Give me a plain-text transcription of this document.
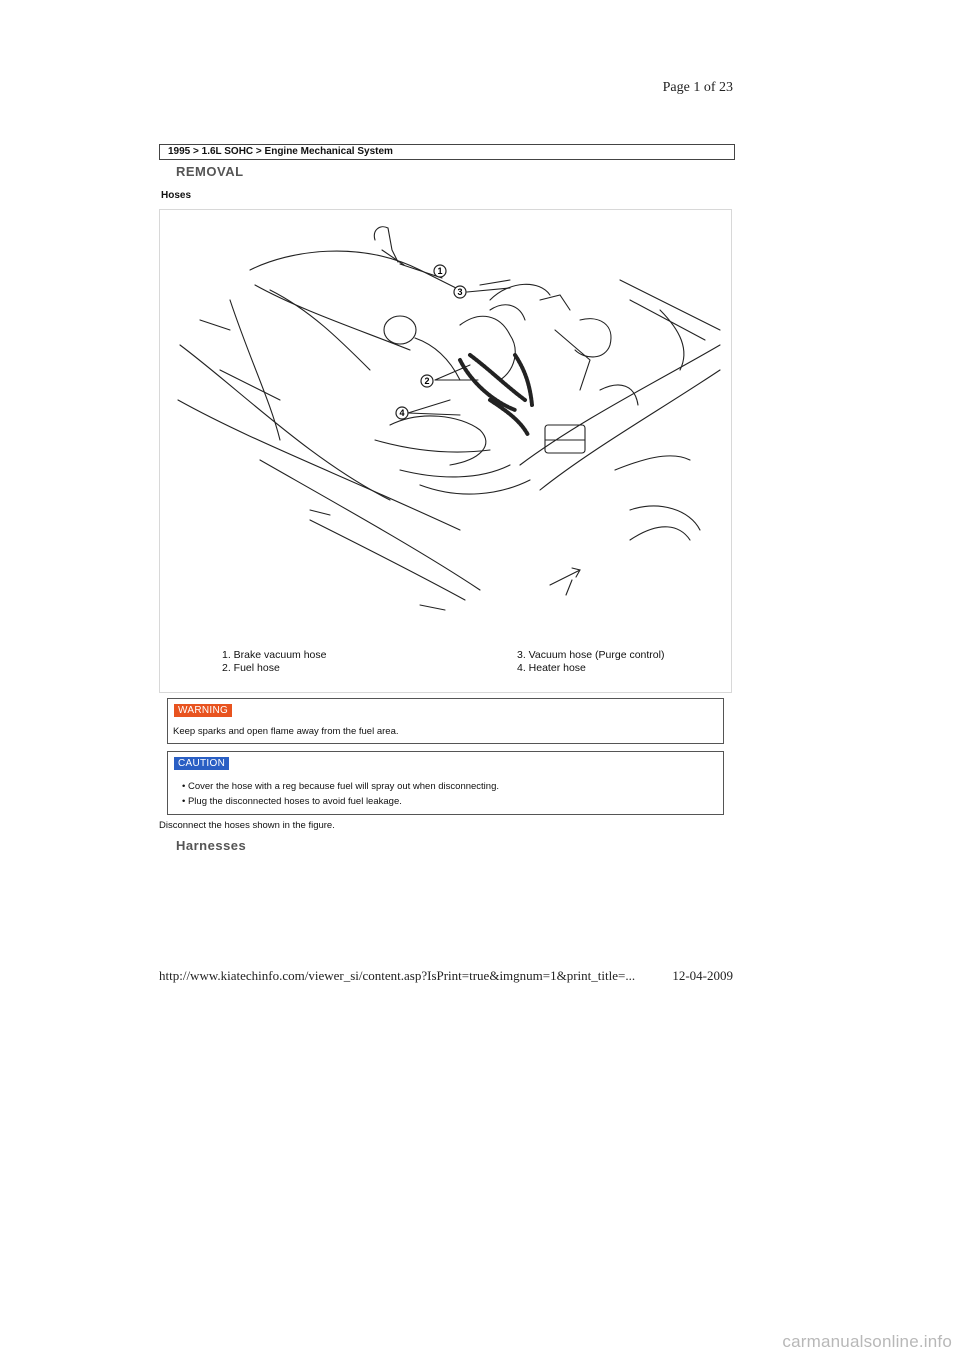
Page 1 of 23
1995 > 1.6L SOHC > Engine Mechanical System
REMOVAL
Hoses
1
3
2
4
1. Brake vacuum hose
2. Fuel hose
3. Vacuum hose (Purge control)
4. Heater hose
WARNING
Keep sparks and open flame away from the fuel area.
CAUTION
• Cover the hose with a reg because fuel will spray out when disconnecting.
• Plug the disconnected hoses to avoid fuel leakage.
Disconnect the hoses shown in the figure.
Harnesses
http://www.kiatechinfo.com/viewer_si/content.asp?IsPrint=true&imgnum=1&print_title=...	12-04-2009
carmanualsonline.info
